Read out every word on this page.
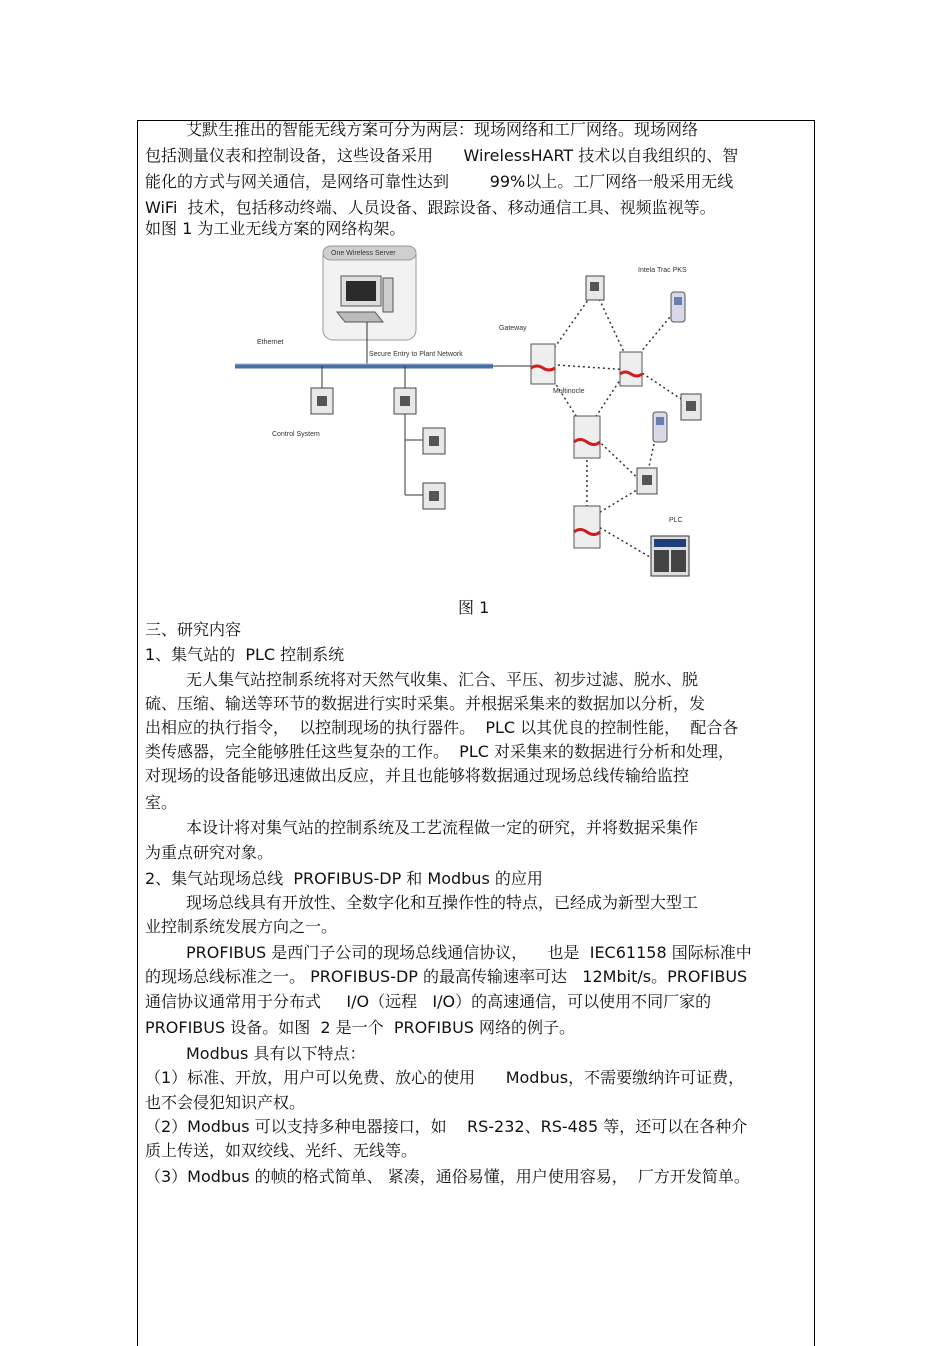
艾默生推出的智能无线方案可分为两层：现场网络和工厂网络。现场网络
包括测量仪表和控制设备，这些设备采用      WirelessHART 技术以自我组织的、智
能化的方式与网关通信，是网络可靠性达到        99%以上。工厂网络一般采用无线
WiFi  技术，包括移动终端、人员设备、跟踪设备、移动通信工具、视频监视等。
如图 1 为工业无线方案的网络构架。
One Wireless Server
Ethernet
Secure Entry to Plant Network
Control System
Gateway
Multinocle
Intela Trac PKS
PLC
图 1
三、研究内容
1、集气站的  PLC 控制系统
无人集气站控制系统将对天然气收集、汇合、平压、初步过滤、脱水、脱
硫、压缩、输送等环节的数据进行实时采集。并根据采集来的数据加以分析，发
出相应的执行指令，  以控制现场的执行器件。  PLC 以其优良的控制性能，  配合各
类传感器，完全能够胜任这些复杂的工作。  PLC 对采集来的数据进行分析和处理，
对现场的设备能够迅速做出反应，并且也能够将数据通过现场总线传输给监控
室。
本设计将对集气站的控制系统及工艺流程做一定的研究，并将数据采集作
为重点研究对象。
2、集气站现场总线  PROFIBUS-DP 和 Modbus 的应用
现场总线具有开放性、全数字化和互操作性的特点，已经成为新型大型工
业控制系统发展方向之一。
PROFIBUS 是西门子公司的现场总线通信协议，    也是  IEC61158 国际标准中
的现场总线标准之一。 PROFIBUS-DP 的最高传输速率可达   12Mbit/s。PROFIBUS
通信协议通常用于分布式     I/O（远程   I/O）的高速通信，可以使用不同厂家的
PROFIBUS 设备。如图  2 是一个  PROFIBUS 网络的例子。
Modbus 具有以下特点：
（1）标准、开放，用户可以免费、放心的使用      Modbus，不需要缴纳许可证费，
也不会侵犯知识产权。
（2）Modbus 可以支持多种电器接口，如    RS-232、RS-485 等，还可以在各种介
质上传送，如双绞线、光纤、无线等。
（3）Modbus 的帧的格式简单、 紧凑，通俗易懂，用户使用容易，  厂方开发简单。
